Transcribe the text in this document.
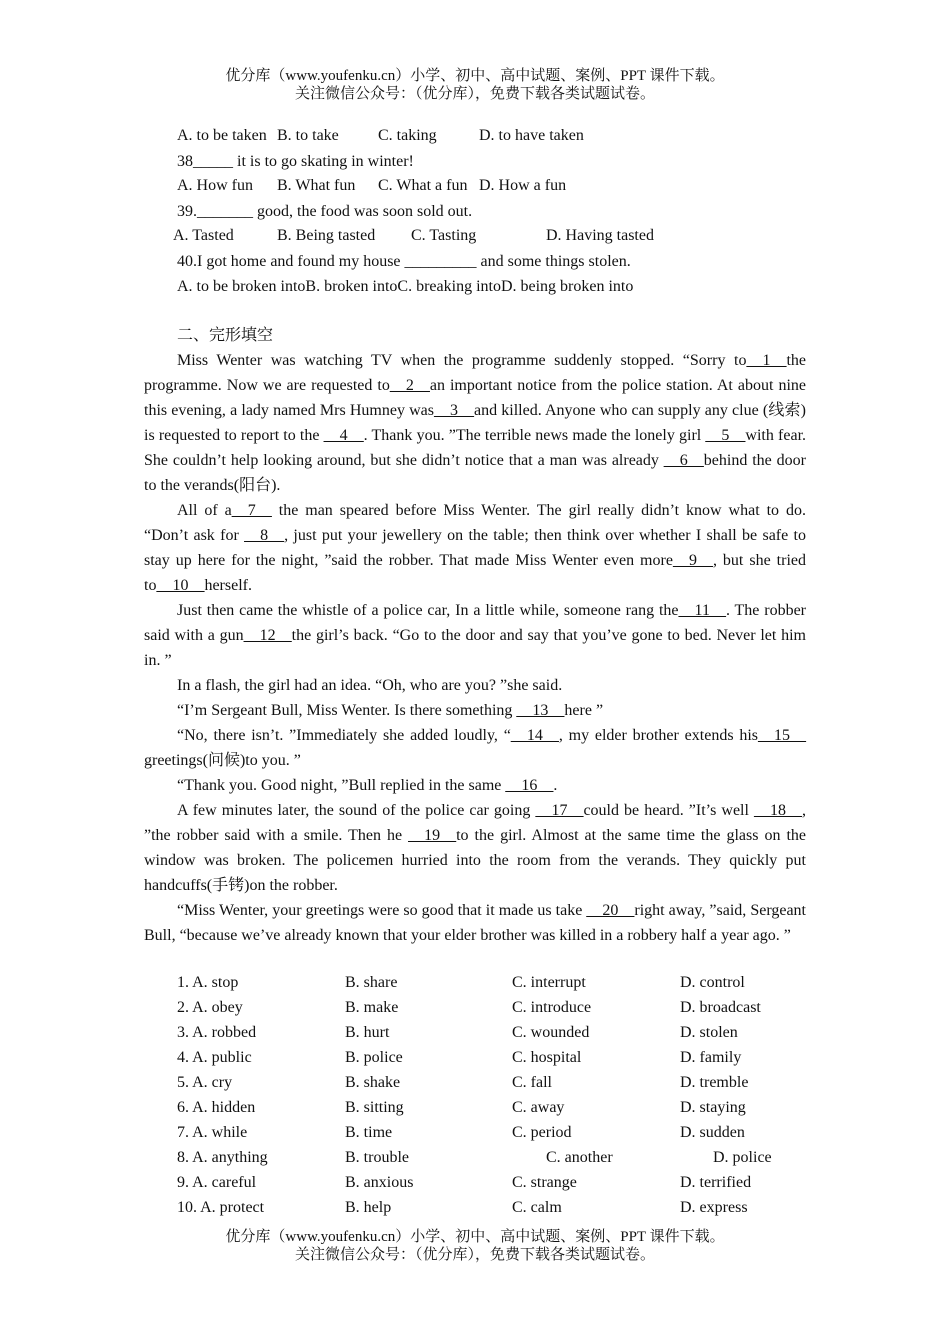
优分库（www.youfenku.cn）小学、初中、高中试题、案例、PPT 课件下载。
关注微信公众号：（优分库），免费下载各类试题试卷。
A. to be taken B. to take C. taking	D. to have taken
38_____ it is to go skating in winter!
A. How fun B. What fun C. What a fun D. How a fun
39._______ good, the food was soon sold out.
A. Tasted	B. Being tasted C. Tasting	D. Having tasted
40.I got home and found my house _________ and some things stolen.
A. to be broken intoB. broken intoC. breaking intoD. being broken into
二、完形填空

Miss Wenter was watching TV when the programme suddenly stopped. “Sorry to__1__the programme. Now we are requested to__2__an important notice from the police station. At about nine this evening, a lady named Mrs Humney was__3__and killed. Anyone who can supply any clue (线索) is requested to report to the __4__. Thank you. ”The terrible news made the lonely girl __5__with fear. She couldn’t help looking around, but she didn’t notice that a man was already __6__behind the door to the verands(阳台).

All of a__7__ the man speared before Miss Wenter. The girl really didn’t know what to do. “Don’t ask for __8__, just put your jewellery on the table; then think over whether I shall be safe to stay up here for the night, ”said the robber. That made Miss Wenter even more__9__, but she tried to__10__herself.

Just then came the whistle of a police car, In a little while, someone rang the__11__. The robber said with a gun__12__the girl’s back. “Go to the door and say that you’ve gone to bed. Never let him in. ”

In a flash, the girl had an idea. “Oh, who are you? ”she said.

“I’m Sergeant Bull, Miss Wenter. Is there something __13__here ”

“No, there isn’t. ”Immediately she added loudly, “__14__, my elder brother extends his__15__ greetings(问候)to you. ”

“Thank you. Good night, ”Bull replied in the same __16__.

A few minutes later, the sound of the police car going __17__could be heard. ”It’s well __18__, ”the robber said with a smile. Then he __19__to the girl. Almost at the same time the glass on the window was broken. The policemen hurried into the room from the verands. They quickly put handcuffs(手铐)on the robber.

“Miss Wenter, your greetings were so good that it made us take __20__right away, ”said, Sergeant Bull, “because we’ve already known that your elder brother was killed in a robbery half a year ago. ”

1. A. stop	B. share	C. interrupt	D. control
2. A. obey	B. make	C. introduce	D. broadcast
3. A. robbed	B. hurt	C. wounded	D. stolen
4. A. public	B. police	C. hospital	D. family
5. A. cry	B. shake	C. fall	D. tremble
6. A. hidden	B. sitting	C. away	D. staying
7. A. while	B. time	C. period	D. sudden
8. A. anything	B. trouble	C. another	D. police
9. A. careful	B. anxious	C. strange	D. terrified
10. A. protect	B. help	C. calm	D. express
优分库（www.youfenku.cn）小学、初中、高中试题、案例、PPT 课件下载。
关注微信公众号：（优分库），免费下载各类试题试卷。
